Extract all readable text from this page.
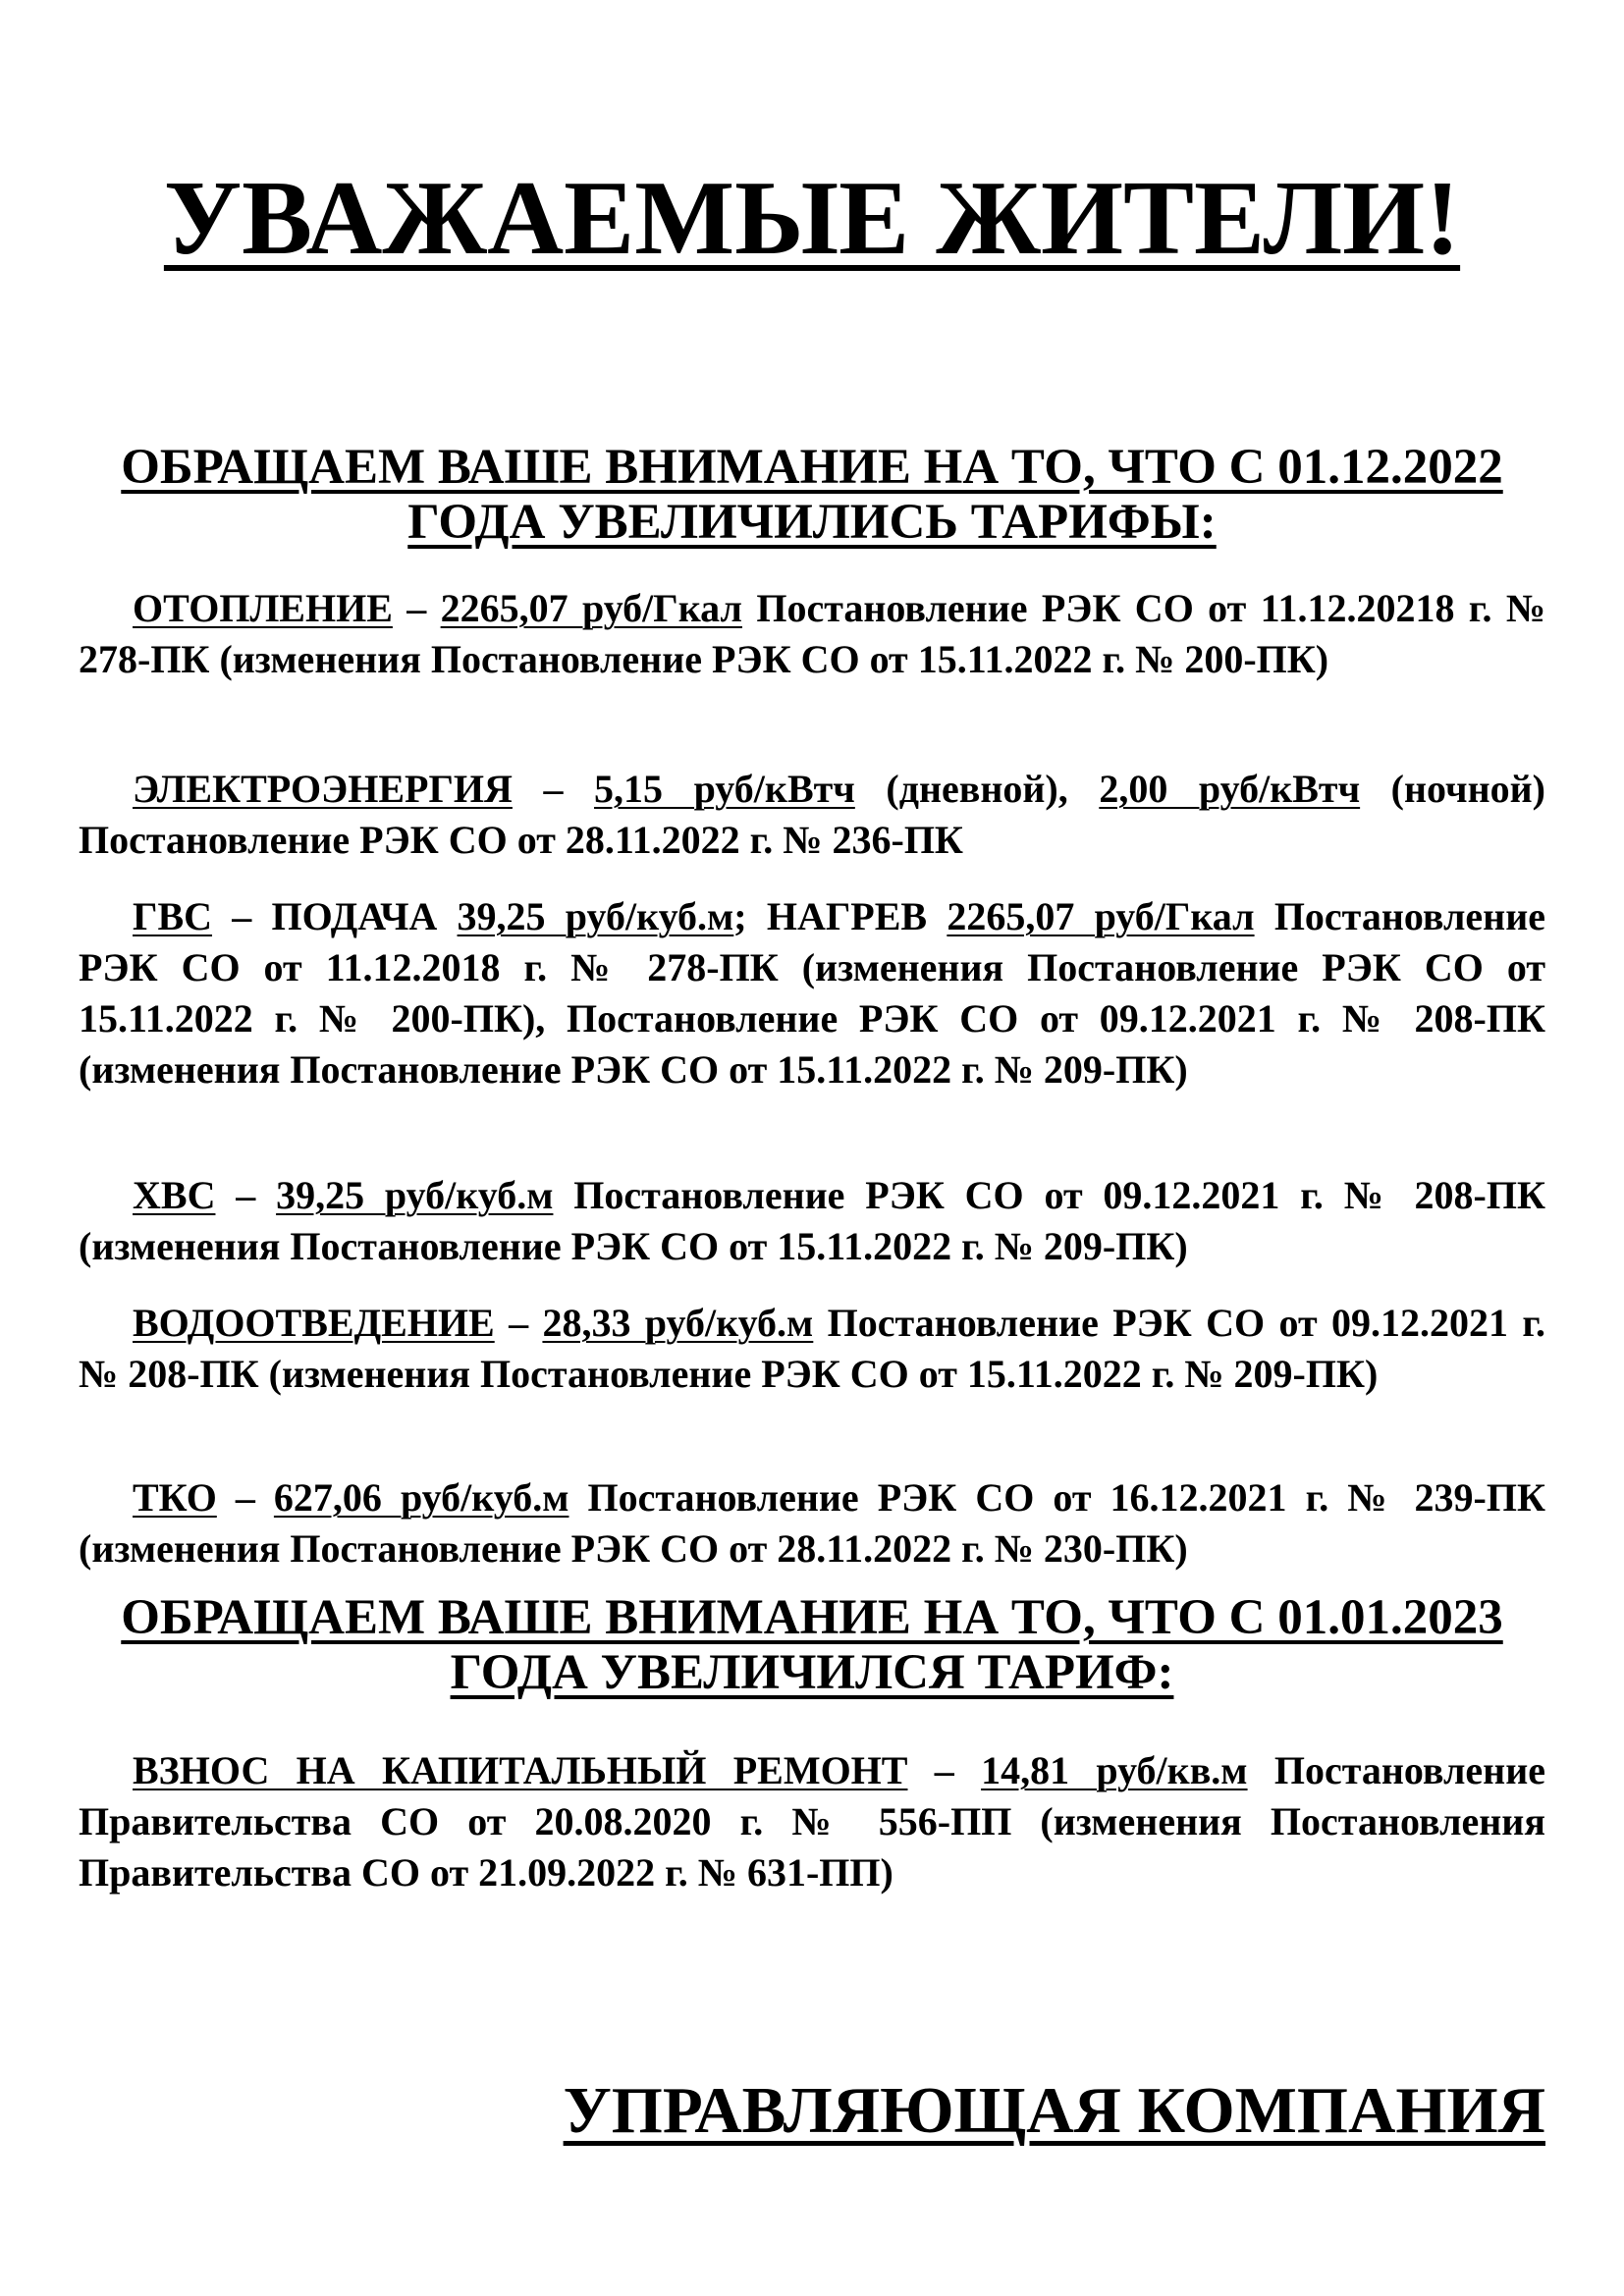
УВАЖАЕМЫЕ ЖИТЕЛИ!
ОБРАЩАЕМ ВАШЕ ВНИМАНИЕ НА ТО, ЧТО С 01.12.2022 ГОДА УВЕЛИЧИЛИСЬ ТАРИФЫ:

ОТОПЛЕНИЕ – 2265,07 руб/Гкал Постановление РЭК СО от 11.12.20218 г. № 278-ПК (изменения Постановление РЭК СО от 15.11.2022 г. № 200-ПК)

ЭЛЕКТРОЭНЕРГИЯ – 5,15 руб/кВтч (дневной), 2,00 руб/кВтч (ночной) Постановление РЭК СО от 28.11.2022 г. № 236-ПК

ГВС – ПОДАЧА 39,25 руб/куб.м; НАГРЕВ 2265,07 руб/Гкал Постановление РЭК СО от 11.12.2018 г. № 278-ПК (изменения Постановление РЭК СО от 15.11.2022 г. № 200-ПК), Постановление РЭК СО от 09.12.2021 г. № 208-ПК (изменения Постановление РЭК СО от 15.11.2022 г. № 209-ПК)

ХВС – 39,25 руб/куб.м Постановление РЭК СО от 09.12.2021 г. № 208-ПК (изменения Постановление РЭК СО от 15.11.2022 г. № 209-ПК)

ВОДООТВЕДЕНИЕ – 28,33 руб/куб.м Постановление РЭК СО от 09.12.2021 г. № 208-ПК (изменения Постановление РЭК СО от 15.11.2022 г. № 209-ПК)

ТКО – 627,06 руб/куб.м Постановление РЭК СО от 16.12.2021 г. № 239-ПК (изменения Постановление РЭК СО от 28.11.2022 г. № 230-ПК)

ОБРАЩАЕМ ВАШЕ ВНИМАНИЕ НА ТО, ЧТО С 01.01.2023 ГОДА УВЕЛИЧИЛСЯ ТАРИФ:

ВЗНОС НА КАПИТАЛЬНЫЙ РЕМОНТ – 14,81 руб/кв.м Постановление Правительства СО от 20.08.2020 г. № 556-ПП (изменения Постановления Правительства СО от 21.09.2022 г. № 631-ПП)

УПРАВЛЯЮЩАЯ КОМПАНИЯ
